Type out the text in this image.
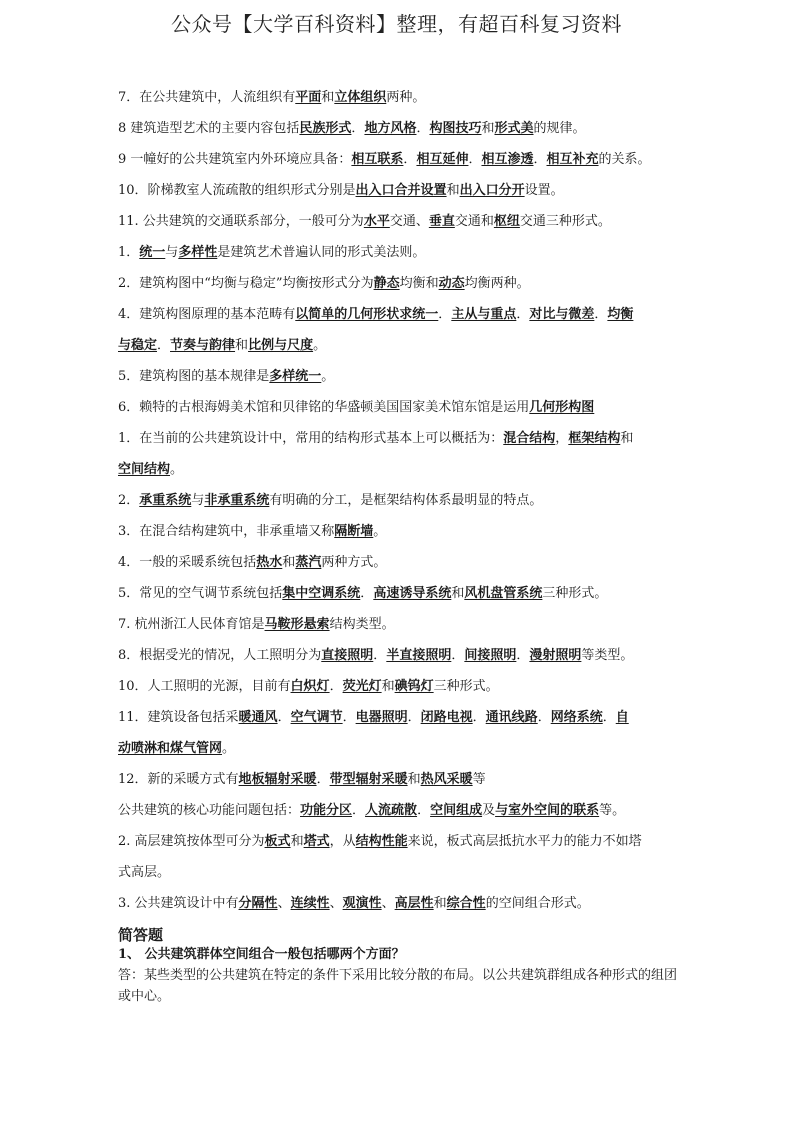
公众号【大学百科资料】整理，有超百科复习资料
7．在公共建筑中，人流组织有平面和立体组织两种。
8 建筑造型艺术的主要内容包括民族形式．地方风格．构图技巧和形式美的规律。
9 一幢好的公共建筑室内外环境应具备：相互联系．相互延伸．相互渗透．相互补充的关系。
10．阶梯教室人流疏散的组织形式分别是出入口合并设置和出入口分开设置。
11. 公共建筑的交通联系部分，一般可分为水平交通、垂直交通和枢纽交通三种形式。
1．统一与多样性是建筑艺术普遍认同的形式美法则。
2．建筑构图中“均衡与稳定”均衡按形式分为静态均衡和动态均衡两种。
4．建筑构图原理的基本范畴有以简单的几何形状求统一．主从与重点．对比与微差．均衡
与稳定．节奏与韵律和比例与尺度。
5．建筑构图的基本规律是多样统一。
6．赖特的古根海姆美术馆和贝律铭的华盛顿美国国家美术馆东馆是运用几何形构图
1．在当前的公共建筑设计中，常用的结构形式基本上可以概括为：混合结构，框架结构和
空间结构。
2．承重系统与非承重系统有明确的分工，是框架结构体系最明显的特点。
3．在混合结构建筑中，非承重墙又称隔断墙。
4．一般的采暖系统包括热水和蒸汽两种方式。
5．常见的空气调节系统包括集中空调系统．高速诱导系统和风机盘管系统三种形式。
7. 杭州浙江人民体育馆是马鞍形悬索结构类型。
8．根据受光的情况，人工照明分为直接照明．半直接照明．间接照明．漫射照明等类型。
10．人工照明的光源，目前有白炽灯．荧光灯和碘钨灯三种形式。
11．建筑设备包括采暖通风．空气调节．电器照明．闭路电视．通讯线路．网络系统．自
动喷淋和煤气管网。
12．新的采暖方式有地板辐射采暖．带型辐射采暖和热风采暖等
公共建筑的核心功能问题包括：功能分区．人流疏散．空间组成及与室外空间的联系等。
2. 高层建筑按体型可分为板式和塔式，从结构性能来说，板式高层抵抗水平力的能力不如塔
式高层。
3. 公共建筑设计中有分隔性、连续性、观演性、高层性和综合性的空间组合形式。
简答题
1、 公共建筑群体空间组合一般包括哪两个方面？
答：某些类型的公共建筑在特定的条件下采用比较分散的布局。以公共建筑群组成各种形式的组团或中心。
